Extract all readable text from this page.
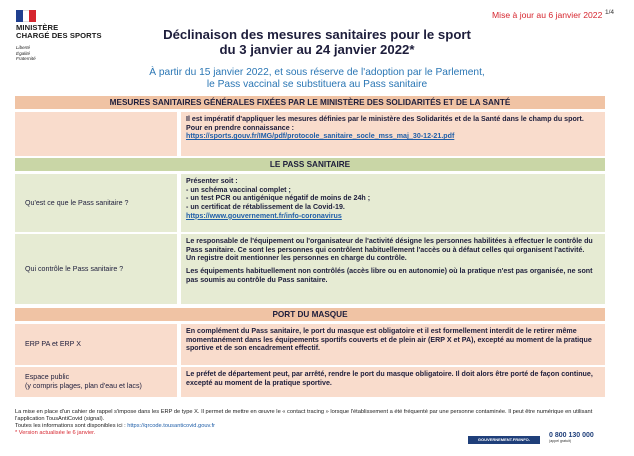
MINISTÈRE
CHARGÉ DES SPORTS
Liberté
Égalité
Fraternité
Mise à jour au 6 janvier 2022 1/4
Déclinaison des mesures sanitaires pour le sport
du 3 janvier au 24 janvier 2022*
À partir du 15 janvier 2022, et sous réserve de l'adoption par le Parlement,
le Pass vaccinal se substituera au Pass sanitaire
MESURES SANITAIRES GÉNÉRALES FIXÉES PAR LE MINISTÈRE DES SOLIDARITÉS ET DE LA SANTÉ
Il est impératif d'appliquer les mesures définies par le ministère des Solidarités et de la Santé dans le champ du sport. Pour en prendre connaissance :
https://sports.gouv.fr/IMG/pdf/protocole_sanitaire_socle_mss_maj_30-12-21.pdf
LE PASS SANITAIRE
Qu'est ce que le Pass sanitaire ?
Présenter soit :
- un schéma vaccinal complet ;
- un test PCR ou antigénique négatif de moins de 24h ;
- un certificat de rétablissement de la Covid-19.
https://www.gouvernement.fr/info-coronavirus
Qui contrôle le Pass sanitaire ?
Le responsable de l'équipement ou l'organisateur de l'activité désigne les personnes habilitées à effectuer le contrôle du Pass sanitaire. Ce sont les personnes qui contrôlent habituellement l'accès ou à défaut celles qui organisent l'activité.
Un registre doit mentionner les personnes en charge du contrôle.
Les équipements habituellement non contrôlés (accès libre ou en autonomie) où la pratique n'est pas organisée, ne sont pas soumis au contrôle du Pass sanitaire.
PORT DU MASQUE
ERP PA et ERP X
En complément du Pass sanitaire, le port du masque est obligatoire et il est formellement interdit de le retirer même momentanément dans les équipements sportifs couverts et de plein air (ERP X et PA), excepté au moment de la pratique sportive et de son encadrement effectif.
Espace public
(y compris plages, plan d'eau et lacs)
Le préfet de département peut, par arrêté, rendre le port du masque obligatoire. Il doit alors être porté de façon continue, excepté au moment de la pratique sportive.
La mise en place d'un cahier de rappel s'impose dans les ERP de type X. Il permet de mettre en œuvre le « contact tracing » lorsque l'établissement a été fréquenté par une personne contaminée. Il peut être numérique en utilisant l'application TousAntiCovid (signal).
Toutes les informations sont disponibles ici : https://qrcode.tousanticovid.gouv.fr
* Version actualisée le 6 janvier.
GOUVERNEMENT.FR/INFO-CORONAVIRUS
0 800 130 000
(appel gratuit)
